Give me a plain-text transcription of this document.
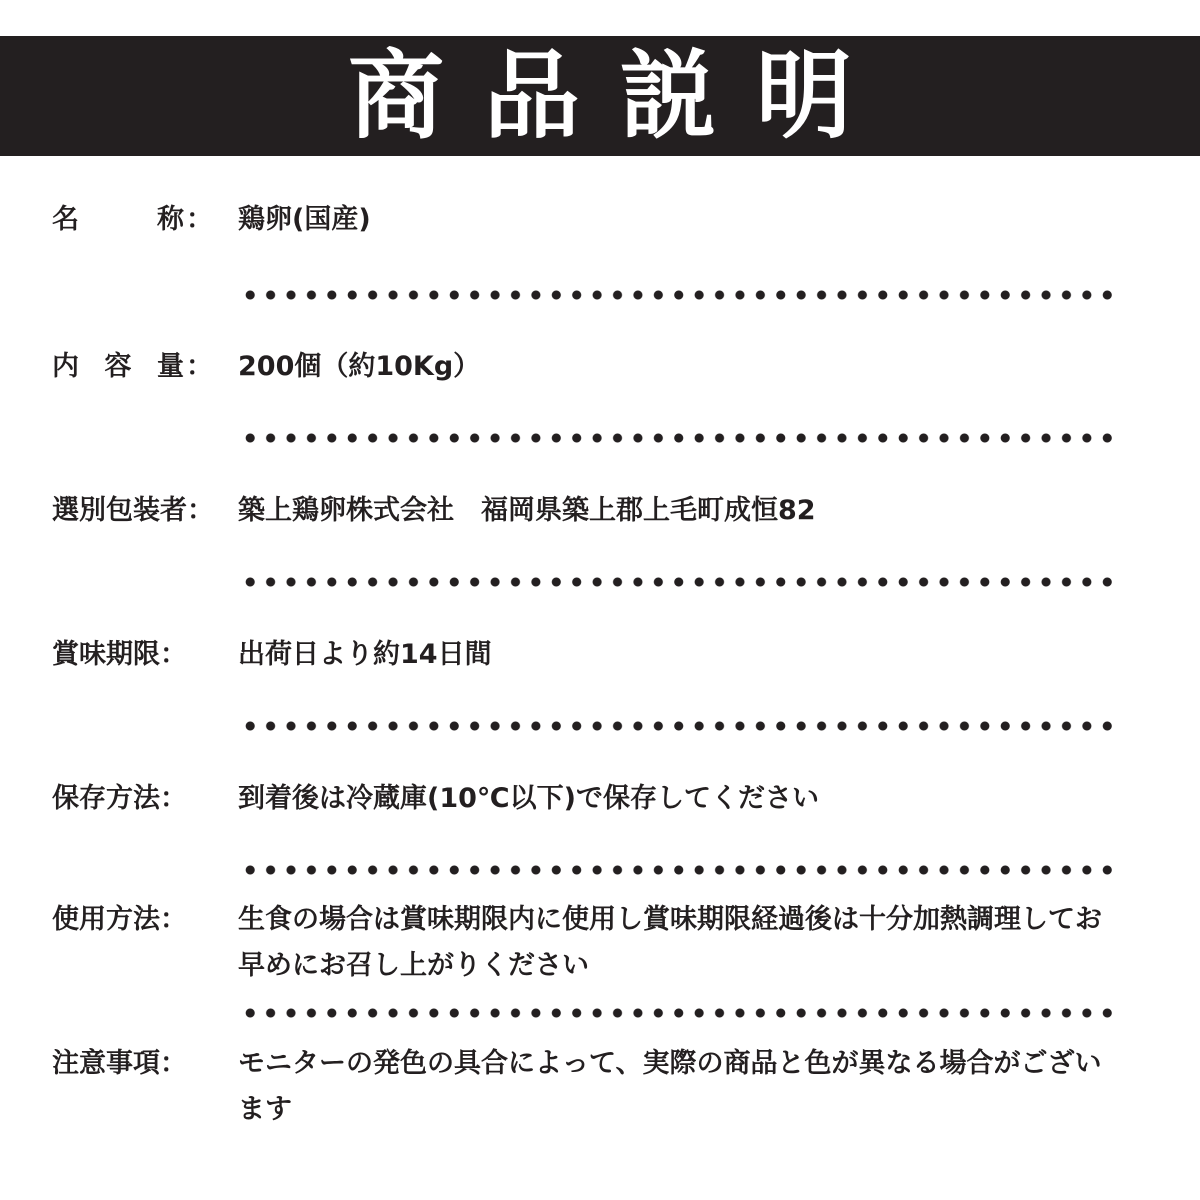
商品説明
名	称 ： 鶏卵(国産)
内 容 量 ： 200個（約10Kg）
選別包装者： 築上鶏卵株式会社　福岡県築上郡上毛町成恒82
賞味期限：	出荷日より約14日間
保存方法：	到着後は冷蔵庫(10℃以下)で保存してください
使用方法：	生食の場合は賞味期限内に使用し賞味期限経過後は十分加熱調理してお早めにお召し上がりください
注意事項：	モニターの発色の具合によって、実際の商品と色が異なる場合がございます
